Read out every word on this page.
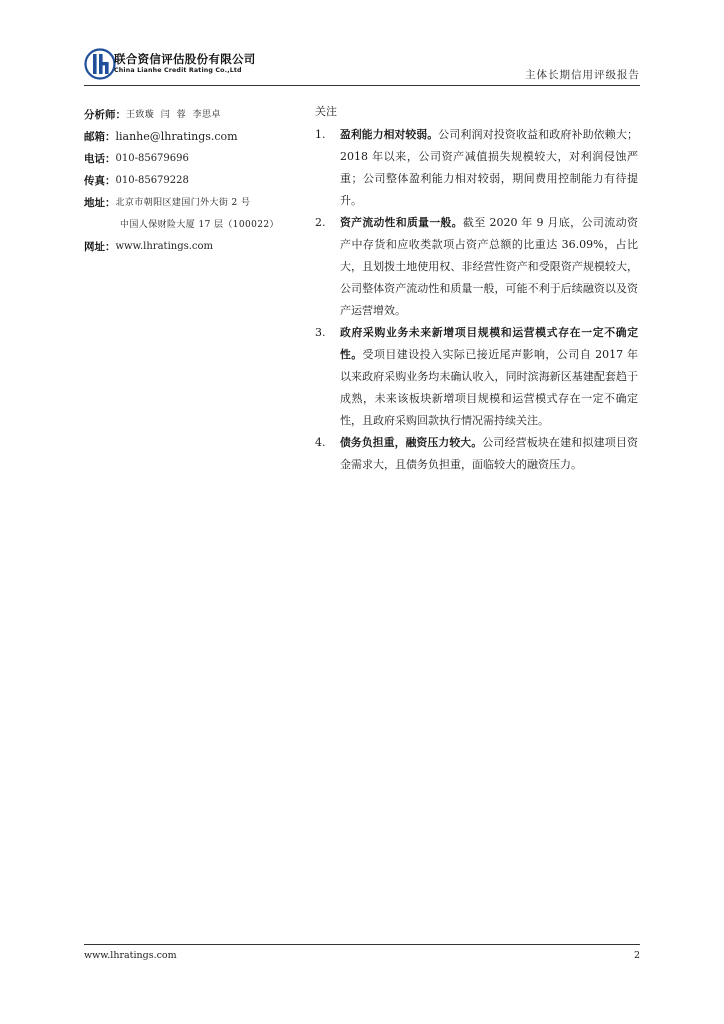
联合资信评估股份有限公司
China Lianhe Credit Rating Co.,Ltd	主体长期信用评级报告
分析师： 王致璇  闫  蓉  李思卓
邮箱： lianhe@lhratings.com
电话： 010-85679696
传真： 010-85679228
地址： 北京市朝阳区建国门外大街 2 号
中国人保财险大厦 17 层（100022）
网址： www.lhratings.com
关注
1. 盈利能力相对较弱。公司利润对投资收益和政府补助依赖大；2018 年以来，公司资产减值损失规模较大，对利润侵蚀严重；公司整体盈利能力相对较弱，期间费用控制能力有待提升。
2. 资产流动性和质量一般。截至 2020 年 9 月底，公司流动资产中存货和应收类款项占资产总额的比重达 36.09%，占比大，且划拨土地使用权、非经营性资产和受限资产规模较大，公司整体资产流动性和质量一般，可能不利于后续融资以及资产运营增效。
3. 政府采购业务未来新增项目规模和运营模式存在一定不确定性。受项目建设投入实际已接近尾声影响，公司自 2017 年以来政府采购业务均未确认收入，同时滨海新区基建配套趋于成熟，未来该板块新增项目规模和运营模式存在一定不确定性，且政府采购回款执行情况需持续关注。
4. 债务负担重，融资压力较大。公司经营板块在建和拟建项目资金需求大，且债务负担重，面临较大的融资压力。
www.lhratings.com	2
